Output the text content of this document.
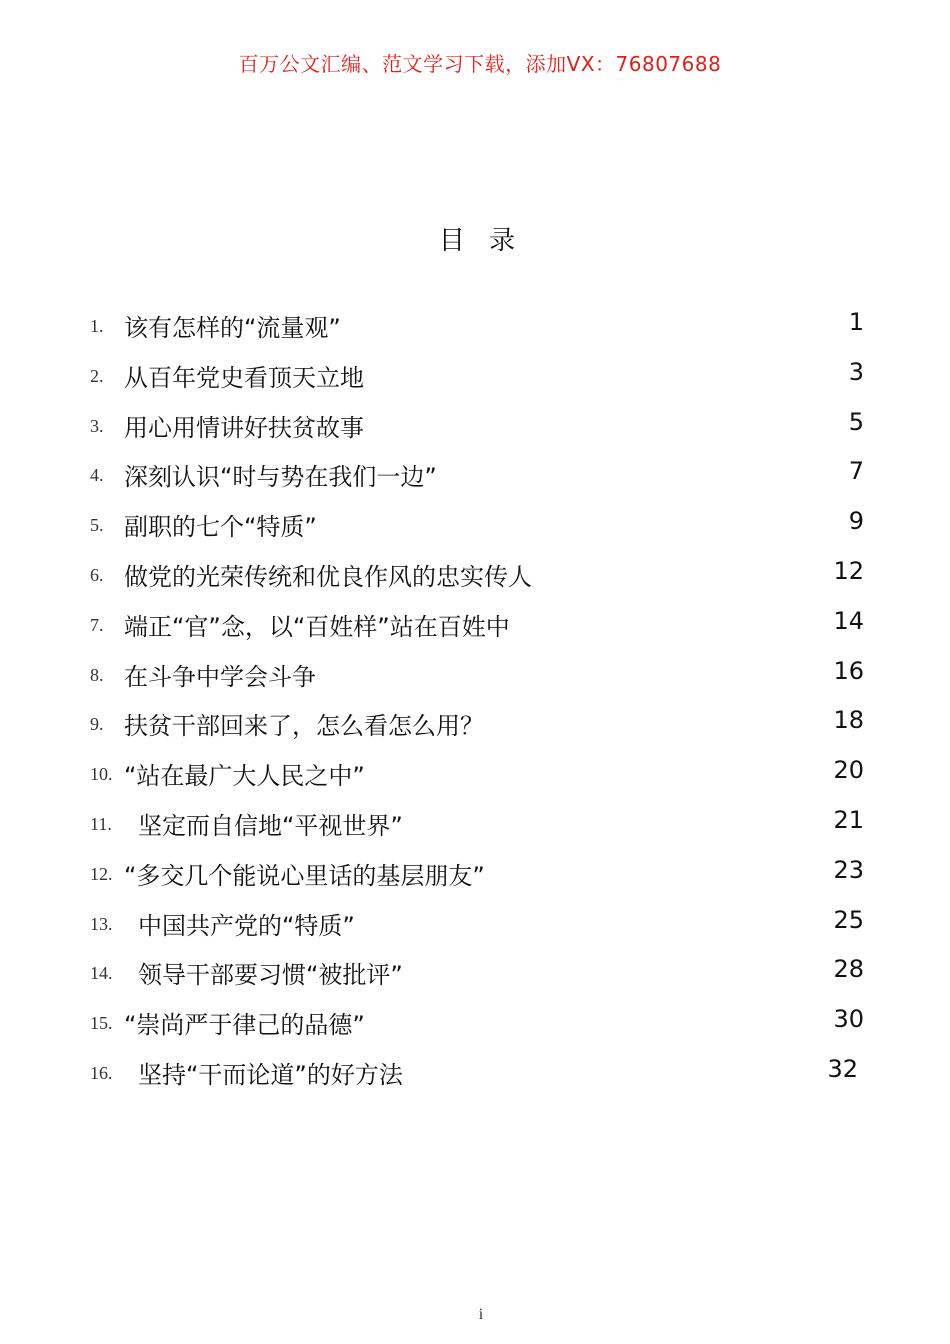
百万公文汇编、范文学习下载，添加VX：76807688
目 录
1. 该有怎样的“流量观”	1
2. 从百年党史看顶天立地	3
3. 用心用情讲好扶贫故事	5
4. 深刻认识“时与势在我们一边”	7
5. 副职的七个“特质”	9
6. 做党的光荣传统和优良作风的忠实传人	12
7. 端正“官”念，以“百姓样”站在百姓中	14
8. 在斗争中学会斗争	16
9. 扶贫干部回来了，怎么看怎么用？	18
10. “站在最广大人民之中”	20
11. 坚定而自信地“平视世界”	21
12. “多交几个能说心里话的基层朋友”	23
13. 中国共产党的“特质”	25
14. 领导干部要习惯“被批评”	28
15. “崇尚严于律己的品德”	30
16. 坚持“干而论道”的好方法	32
i
